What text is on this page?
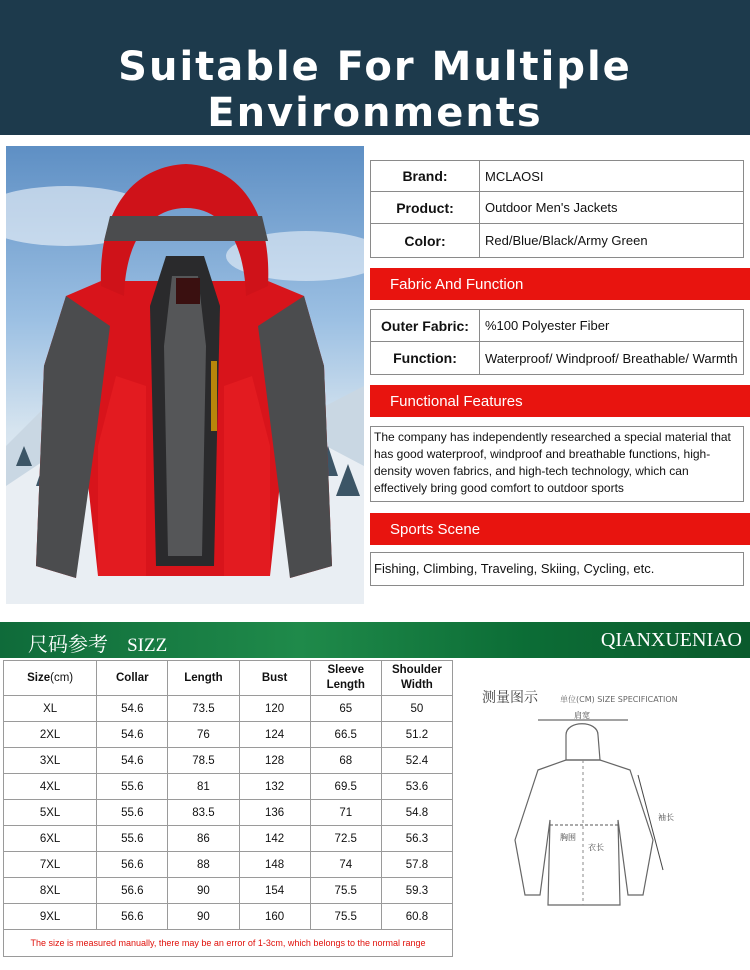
Suitable For Multiple Environments
Brand:	MCLAOSI
Product:	Outdoor Men's Jackets
Color:	Red/Blue/Black/Army Green
Fabric And Function
Outer Fabric:	%100 Polyester Fiber
Function:	Waterproof/ Windproof/ Breathable/ Warmth
Functional Features
The company has independently researched a special material that has good waterproof, windproof and breathable functions, high-density woven fabrics, and high-tech technology, which can effectively bring good comfort to outdoor sports
Sports Scene
Fishing, Climbing, Traveling, Skiing, Cycling, etc.
尺码参考 SIZZ	QIANXUENIAO
Size(cm)	Collar	Length	Bust	Sleeve Length	Shoulder Width
XL	54.6	73.5	120	65	50
2XL	54.6	76	124	66.5	51.2
3XL	54.6	78.5	128	68	52.4
4XL	55.6	81	132	69.5	53.6
5XL	55.6	83.5	136	71	54.8
6XL	55.6	86	142	72.5	56.3
7XL	56.6	88	148	74	57.8
8XL	56.6	90	154	75.5	59.3
9XL	56.6	90	160	75.5	60.8
The size is measured manually, there may be an error of 1-3cm, which belongs to the normal range					
测量图示	单位(CM) SIZE SPECIFICATION
肩宽
胸围
衣长
袖长
